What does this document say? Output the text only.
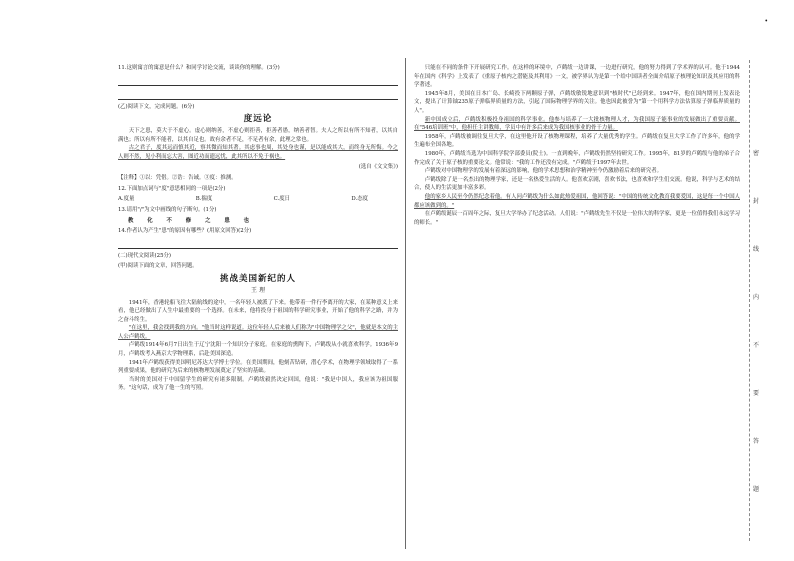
•
11.这则寓言的寓意是什么？和同学讨论交流，谈谈你的理解。(3分)
(乙)阅读下文，完成问题。(6分)
度远论

天下之患，莫大于不虚心。虚心则纳善，不虚心则拒善，拒善者愚，纳善者智。夫人之所以有所不知者，以其自满也；所以有所不能者，以其自足也。故有余者不足，不足者有余，此理之常也。

古之君子，度其远而慎其近，察其微而知其著。其虑事也周，其处身也谨，是以能成其大，而终身无所悔。今之人则不然，见小利而忘大害，图近功而遗远忧，此其所以不免于祸也。

(选自《文文集》)
【注释】①以：凭借。②诰：告诫。③度：推测。
12.下面加点词与"度"意思相同的一项是(2分)
A.度量	B.揣度	C.度日	D.态度
13.请用"/"为文中画线的句子断句。(1分)
教 化 不 修 之 患 也
14.作者认为产生"患"的原因有哪些？(用原文回答)(2分)
(二)现代文阅读(25分)
(甲)阅读下面的文章，回答问题。
挑战美国新纪的人
王 理

1941年，香港轮船飞往大陆航线的途中，一名年轻人被派了下来。他带着一件行李离开的大家，在某种意义上来看，他已经做出了人生中最重要的一个选择。在未来，他将投身于祖国的科学研究事业，开始了他的科学之路，并为之奋斗终生。

"在这里，我会找到我的方向。"他当时这样说道。这位年轻人后来被人们称为"中国物理学之父"，他就是本文的主人公卢鹤绂。

卢鹤绂1914年6月7日出生于辽宁沈阳一个知识分子家庭。在家庭的熏陶下，卢鹤绂从小就喜欢科学。1936年9月，卢鹤绂考入燕京大学物理系，后赴美国深造。

1941年卢鹤绂获得美国明尼苏达大学博士学位。在美国期间，他刻苦钻研，潜心学术，在物理学领域取得了一系列重要成果，他的研究为后来的核物理发展奠定了坚实的基础。

当时的美国对于中国留学生的研究有诸多限制。卢鹤绂毅然决定回国，他说："我是中国人，我应该为祖国服务。"这句话，成为了他一生的写照。

只能在不同的条件下开展研究工作。在这样的环境中，卢鹤绂一边讲课，一边进行研究，他的努力得到了学术界的认可。他于1944年在国内《科学》上发表了《重原子核内之潜能及其利用》一文，被学界认为是第一个给中国读者全面介绍原子核理论知识及其应用的科学著述。

1945年8月，美国在日本广岛、长崎投下两颗原子弹，卢鹤绂敏锐地意识到"核时代"已经到来。1947年，他在国内期刊上发表论文，提出了计算铀235原子弹临界质量的方法，引起了国际物理学界的关注。他也因此被誉为"第一个用科学方法估算原子弹临界质量的人"。

新中国成立后，卢鹤绂积极投身祖国的科学事业。他参与培养了一大批核物理人才，为我国原子能事业的发展做出了重要贡献。在"546培训班"中，他担任主讲教师，学员中有许多后来成为我国核事业的骨干力量。

1958年，卢鹤绂被调往复旦大学，在这里他开设了核物理课程，培养了大量优秀的学生。卢鹤绂在复旦大学工作了许多年，他的学生遍布全国各地。

1980年，卢鹤绂当选为中国科学院学部委员(院士)。一直到晚年，卢鹤绂仍然坚持研究工作。1995年，81岁的卢鹤绂与他的弟子合作完成了关于原子核的重要论文。他常说："我的工作还没有完成。"卢鹤绂于1997年去世。

卢鹤绂对中国物理学的发展有着深远的影响，他的学术思想和治学精神至今仍激励着后来的研究者。

卢鹤绂除了是一名杰出的物理学家，还是一名热爱生活的人。他喜欢京剧，喜欢书法，也喜欢和学生们交流。他说，科学与艺术的结合，使人的生活更加丰富多彩。

他的家乡人民至今仍然纪念着他。有人问卢鹤绂为什么如此热爱祖国，他回答说："中国的传统文化教育我要爱国，这是每一个中国人都应该做到的。"

在卢鹤绂诞辰一百周年之际，复旦大学举办了纪念活动。人们说："卢鹤绂先生不仅是一位伟大的科学家，更是一位值得我们永远学习的师长。"

密
封
线
内
不
要
答
题
